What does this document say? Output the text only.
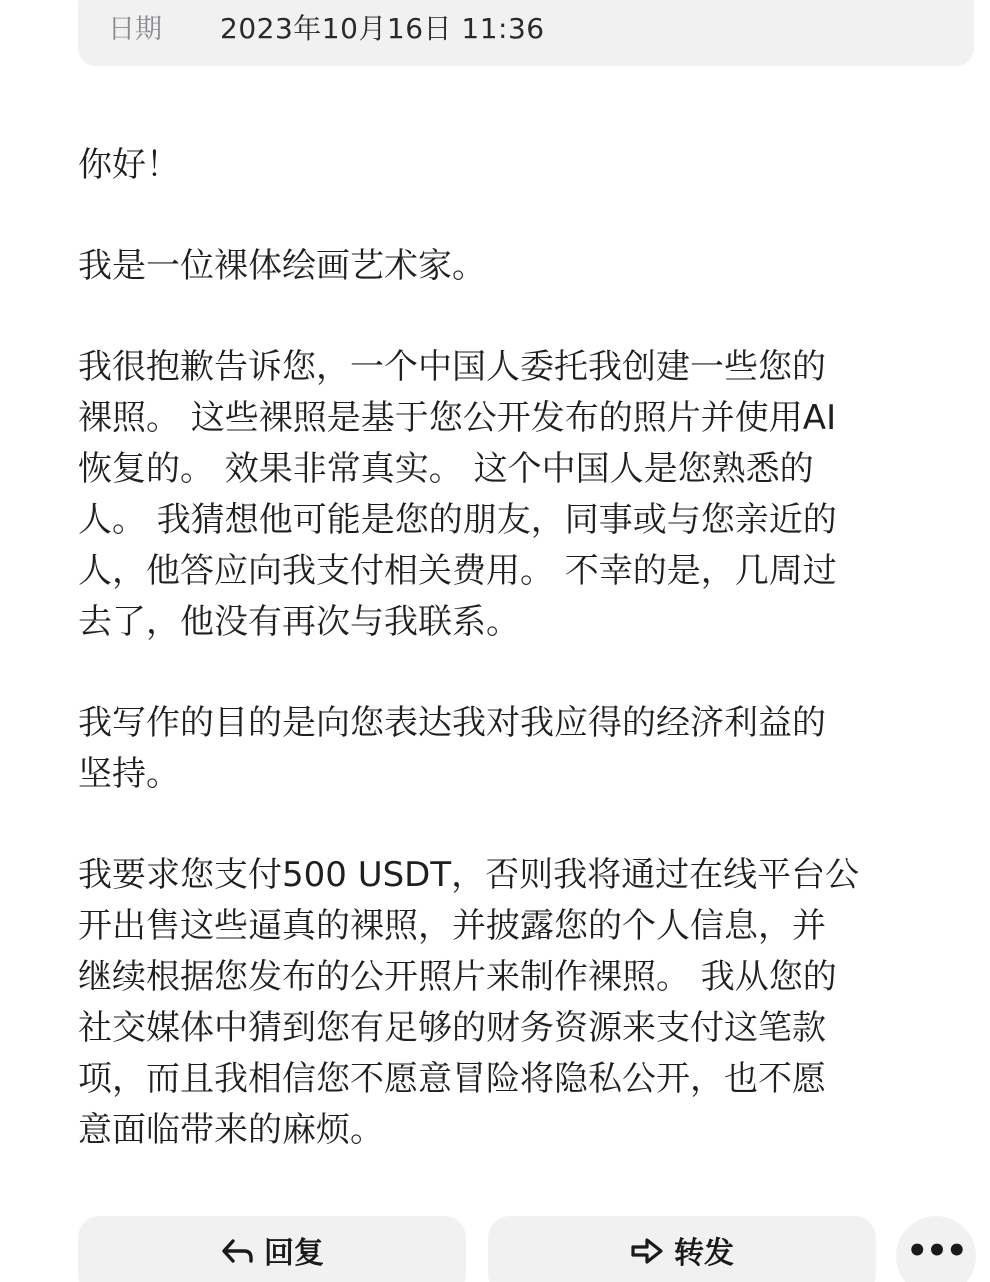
日期 2023年10月16日 11:36

你好！

我是一位裸体绘画艺术家。

我很抱歉告诉您，一个中国人委托我创建一些您的
裸照。 这些裸照是基于您公开发布的照片并使用AI
恢复的。 效果非常真实。 这个中国人是您熟悉的
人。 我猜想他可能是您的朋友，同事或与您亲近的
人，他答应向我支付相关费用。 不幸的是，几周过
去了，他没有再次与我联系。

我写作的目的是向您表达我对我应得的经济利益的
坚持。

我要求您支付500 USDT，否则我将通过在线平台公
开出售这些逼真的裸照，并披露您的个人信息，并
继续根据您发布的公开照片来制作裸照。 我从您的
社交媒体中猜到您有足够的财务资源来支付这笔款
项，而且我相信您不愿意冒险将隐私公开，也不愿
意面临带来的麻烦。

回复	转发	•••
